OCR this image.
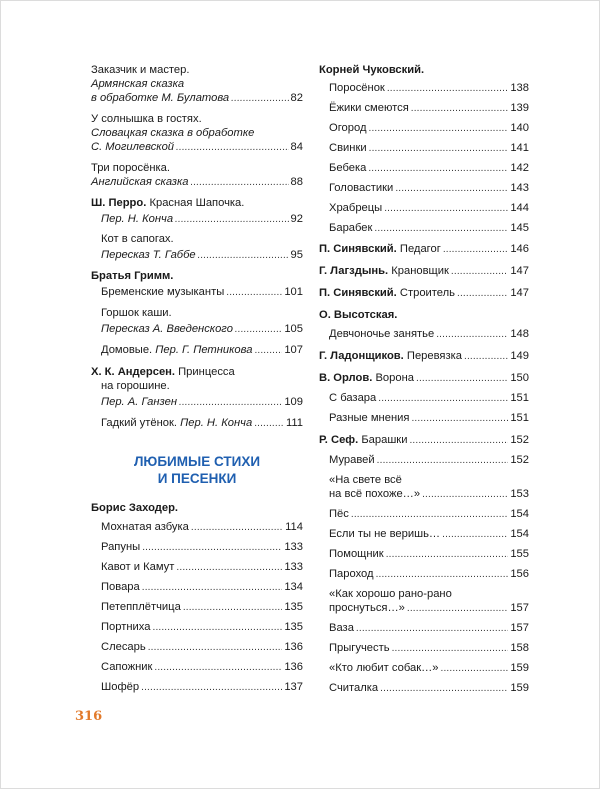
Заказчик и мастер.
Армянская сказка
в обработке М. Булатова . . .	82
У солнышка в гостях.
Словацкая сказка в обработке
С. Могилевской . . .	84
Три поросёнка.
Английская сказка . . .	88
Ш. Перро. Красная Шапочка.
Пер. Н. Конча . . .	92
Кот в сапогах.
Пересказ Т. Габбе . . .	95
Братья Гримм.
Бременские музыканты . . .	101
Горшок каши.
Пересказ А. Введенского . . .	105
Домовые. Пер. Г. Петникова . . .	107
Х. К. Андерсен. Принцесса
на горошине.
Пер. А. Ганзен . . .	109
Гадкий утёнок. Пер. Н. Конча . . .	111
ЛЮБИМЫЕ СТИХИ
И ПЕСЕНКИ
Борис Заходер.
Мохнатая азбука . . .	114
Рапуны . . .	133
Кавот и Камут . . .	133
Повара . . .	134
Петепплётчица . . .	135
Портниха . . .	135
Слесарь . . .	136
Сапожник . . .	136
Шофёр . . .	137
Корней Чуковский.
Поросёнок . . .	138
Ёжики смеются . . .	139
Огород . . .	140
Свинки . . .	141
Бебека . . .	142
Головастики . . .	143
Храбрецы . . .	144
Барабек . . .	145
П. Синявский. Педагог . . .	146
Г. Лагздынь. Крановщик . . .	147
П. Синявский. Строитель . . .	147
О. Высотская.
Девчоночье занятье . . .	148
Г. Ладонщиков. Перевязка . . .	149
В. Орлов. Ворона . . .	150
С базара . . .	151
Разные мнения . . .	151
Р. Сеф. Барашки . . .	152
Муравей . . .	152
«На свете всё
на всё похоже…» . . .	153
Пёс . . .	154
Если ты не веришь… . . .	154
Помощник . . .	155
Пароход . . .	156
«Как хорошо рано-рано
проснуться…» . . .	157
Ваза . . .	157
Прыгучесть . . .	158
«Кто любит собак…» . . .	159
Считалка . . .	159
316
